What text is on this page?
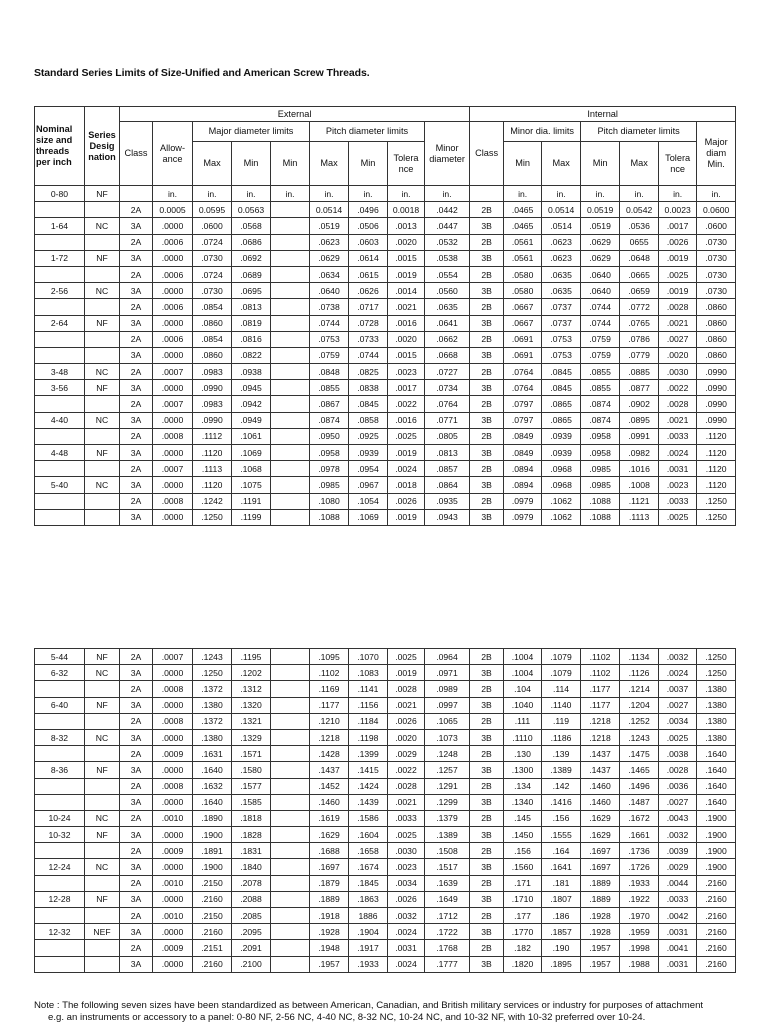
Standard Series Limits of Size-Unified and American Screw Threads.
Nominal size and threads per inch	Series Desig nation	External									Internal						
		Class	Allow- ance	Major diameter limits			Pitch diameter limits			Minor diameter	Class	Minor dia. limits		Pitch diameter limits			Major diam Min.
				Max	Min	Min	Max	Min	Tolera nce			Min	Max	Min	Max	Tolera nce	
0-80	NF		in.	in.	in.	in.	in.	in.	in.	in.		in.	in.	in.	in.	in.	in.
		2A	0.0005	0.0595	0.0563		0.0514	.0496	0.0018	.0442	2B	.0465	0.0514	0.0519	0.0542	0.0023	0.0600
1-64	NC	3A	.0000	.0600	.0568		.0519	.0506	.0013	.0447	3B	.0465	.0514	.0519	.0536	.0017	.0600
		2A	.0006	.0724	.0686		.0623	.0603	.0020	.0532	2B	.0561	.0623	.0629	0655	.0026	.0730
1-72	NF	3A	.0000	.0730	.0692		.0629	.0614	.0015	.0538	3B	.0561	.0623	.0629	.0648	.0019	.0730
		2A	.0006	.0724	.0689		.0634	.0615	.0019	.0554	2B	.0580	.0635	.0640	.0665	.0025	.0730
2-56	NC	3A	.0000	.0730	.0695		.0640	.0626	.0014	.0560	3B	.0580	.0635	.0640	.0659	.0019	.0730
		2A	.0006	.0854	.0813		.0738	.0717	.0021	.0635	2B	.0667	.0737	.0744	.0772	.0028	.0860
2-64	NF	3A	.0000	.0860	.0819		.0744	.0728	.0016	.0641	3B	.0667	.0737	.0744	.0765	.0021	.0860
		2A	.0006	.0854	.0816		.0753	.0733	.0020	.0662	2B	.0691	.0753	.0759	.0786	.0027	.0860
		3A	.0000	.0860	.0822		.0759	.0744	.0015	.0668	3B	.0691	.0753	.0759	.0779	.0020	.0860
3-48	NC	2A	.0007	.0983	.0938		.0848	.0825	.0023	.0727	2B	.0764	.0845	.0855	.0885	.0030	.0990
3-56	NF	3A	.0000	.0990	.0945		.0855	.0838	.0017	.0734	3B	.0764	.0845	.0855	.0877	.0022	.0990
		2A	.0007	.0983	.0942		.0867	.0845	.0022	.0764	2B	.0797	.0865	.0874	.0902	.0028	.0990
4-40	NC	3A	.0000	.0990	.0949		.0874	.0858	.0016	.0771	3B	.0797	.0865	.0874	.0895	.0021	.0990
		2A	.0008	.1112	.1061		.0950	.0925	.0025	.0805	2B	.0849	.0939	.0958	.0991	.0033	.1120
4-48	NF	3A	.0000	.1120	.1069		.0958	.0939	.0019	.0813	3B	.0849	.0939	.0958	.0982	.0024	.1120
		2A	.0007	.1113	.1068		.0978	.0954	.0024	.0857	2B	.0894	.0968	.0985	.1016	.0031	.1120
5-40	NC	3A	.0000	.1120	.1075		.0985	.0967	.0018	.0864	3B	.0894	.0968	.0985	.1008	.0023	.1120
		2A	.0008	.1242	.1191		.1080	.1054	.0026	.0935	2B	.0979	.1062	.1088	.1121	.0033	.1250
		3A	.0000	.1250	.1199		.1088	.1069	.0019	.0943	3B	.0979	.1062	.1088	.1113	.0025	.1250
5-44	NF	2A	.0007	.1243	.1195		.1095	.1070	.0025	.0964	2B	.1004	.1079	.1102	.1134	.0032	.1250
6-32	NC	3A	.0000	.1250	.1202		.1102	.1083	.0019	.0971	3B	.1004	.1079	.1102	.1126	.0024	.1250
		2A	.0008	.1372	.1312		.1169	.1141	.0028	.0989	2B	.104	.114	.1177	.1214	.0037	.1380
6-40	NF	3A	.0000	.1380	.1320		.1177	.1156	.0021	.0997	3B	.1040	.1140	.1177	.1204	.0027	.1380
		2A	.0008	.1372	.1321		.1210	.1184	.0026	.1065	2B	.111	.119	.1218	.1252	.0034	.1380
8-32	NC	3A	.0000	.1380	.1329		.1218	.1198	.0020	.1073	3B	.1110	.1186	.1218	.1243	.0025	.1380
		2A	.0009	.1631	.1571		.1428	.1399	.0029	.1248	2B	.130	.139	.1437	.1475	.0038	.1640
8-36	NF	3A	.0000	.1640	.1580		.1437	.1415	.0022	.1257	3B	.1300	.1389	.1437	.1465	.0028	.1640
		2A	.0008	.1632	.1577		.1452	.1424	.0028	.1291	2B	.134	.142	.1460	.1496	.0036	.1640
		3A	.0000	.1640	.1585		.1460	.1439	.0021	.1299	3B	.1340	.1416	.1460	.1487	.0027	.1640
10-24	NC	2A	.0010	.1890	.1818		.1619	.1586	.0033	.1379	2B	.145	.156	.1629	.1672	.0043	.1900
10-32	NF	3A	.0000	.1900	.1828		.1629	.1604	.0025	.1389	3B	.1450	.1555	.1629	.1661	.0032	.1900
		2A	.0009	.1891	.1831		.1688	.1658	.0030	.1508	2B	.156	.164	.1697	.1736	.0039	.1900
12-24	NC	3A	.0000	.1900	.1840		.1697	.1674	.0023	.1517	3B	.1560	.1641	.1697	.1726	.0029	.1900
		2A	.0010	.2150	.2078		.1879	.1845	.0034	.1639	2B	.171	.181	.1889	.1933	.0044	.2160
12-28	NF	3A	.0000	.2160	.2088		.1889	.1863	.0026	.1649	3B	.1710	.1807	.1889	.1922	.0033	.2160
		2A	.0010	.2150	.2085		.1918	1886	.0032	.1712	2B	.177	.186	.1928	.1970	.0042	.2160
12-32	NEF	3A	.0000	.2160	.2095		.1928	.1904	.0024	.1722	3B	.1770	.1857	.1928	.1959	.0031	.2160
		2A	.0009	.2151	.2091		.1948	.1917	.0031	.1768	2B	.182	.190	.1957	.1998	.0041	.2160
		3A	.0000	.2160	.2100		.1957	.1933	.0024	.1777	3B	.1820	.1895	.1957	.1988	.0031	.2160
Note : The following seven sizes have been standardized as between American, Canadian, and British military services or industry for purposes of attachment
e.g. an instruments or accessory to a panel: 0-80 NF, 2-56 NC, 4-40 NC, 8-32 NC, 10-24 NC, and 10-32 NF, with 10-32 preferred over 10-24.
